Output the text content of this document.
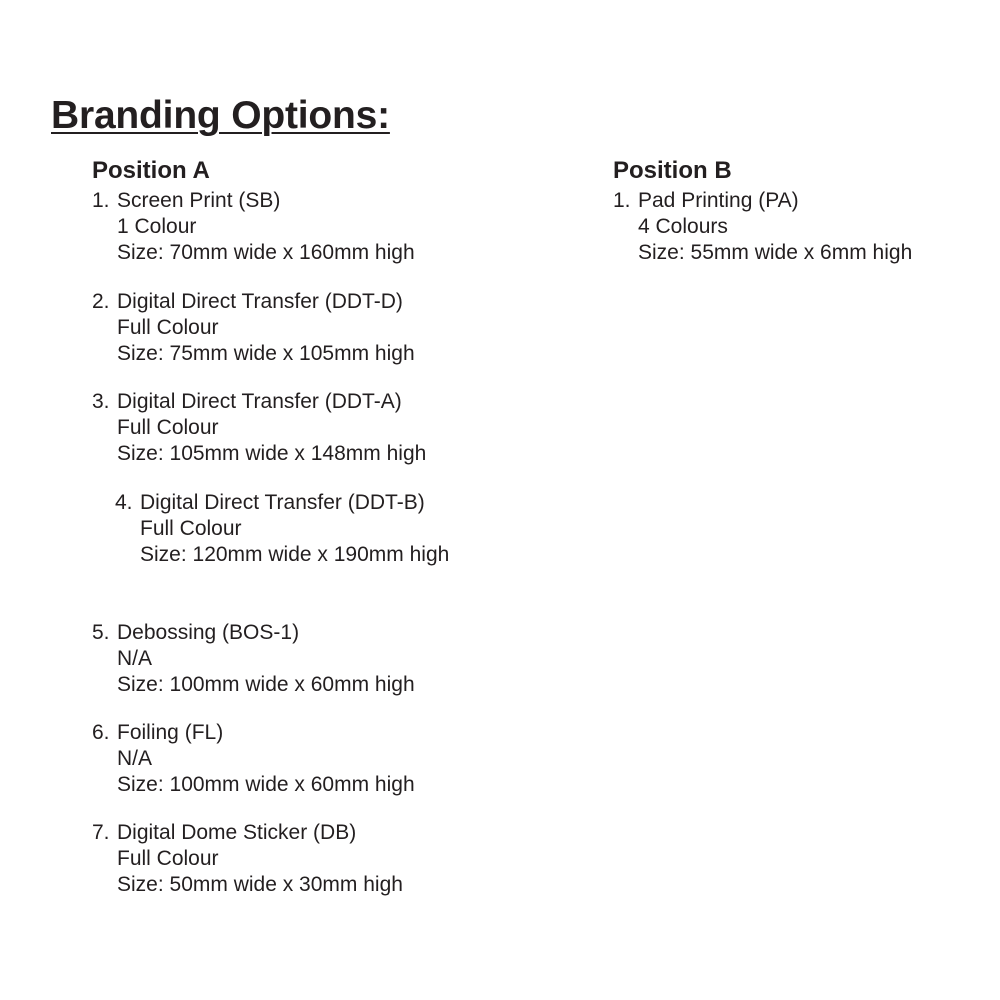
Branding Options:
Position A
1. Screen Print (SB)
1 Colour
Size: 70mm wide x 160mm high
2. Digital Direct Transfer (DDT-D)
Full Colour
Size: 75mm wide x 105mm high
3. Digital Direct Transfer (DDT-A)
Full Colour
Size: 105mm wide x 148mm high
4. Digital Direct Transfer (DDT-B)
Full Colour
Size: 120mm wide x 190mm high
5. Debossing (BOS-1)
N/A
Size: 100mm wide x 60mm high
6. Foiling (FL)
N/A
Size: 100mm wide x 60mm high
7. Digital Dome Sticker (DB)
Full Colour
Size: 50mm wide x 30mm high
Position B
1. Pad Printing (PA)
4 Colours
Size: 55mm wide x 6mm high
